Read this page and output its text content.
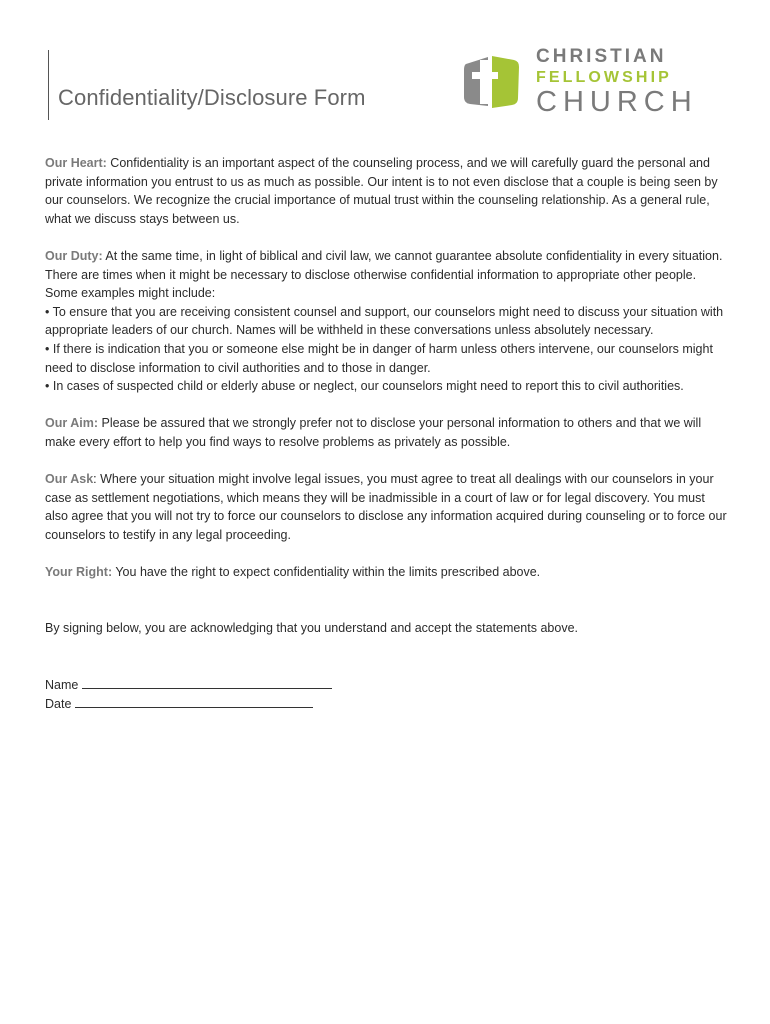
Confidentiality/Disclosure Form
CHRISTIAN
FELLOWSHIP
CHURCH

Our Heart: Confidentiality is an important aspect of the counseling process, and we will carefully guard the personal and private information you entrust to us as much as possible. Our intent is to not even disclose that a couple is being seen by our counselors. We recognize the crucial importance of mutual trust within the counseling relationship. As a general rule, what we discuss stays between us.

Our Duty: At the same time, in light of biblical and civil law, we cannot guarantee absolute confidentiality in every situation. There are times when it might be necessary to disclose otherwise confidential information to appropriate other people. Some examples might include:
• To ensure that you are receiving consistent counsel and support, our counselors might need to discuss your situation with appropriate leaders of our church. Names will be withheld in these conversations unless absolutely necessary.
• If there is indication that you or someone else might be in danger of harm unless others intervene, our counselors might need to disclose information to civil authorities and to those in danger.
• In cases of suspected child or elderly abuse or neglect, our counselors might need to report this to civil authorities.

Our Aim: Please be assured that we strongly prefer not to disclose your personal information to others and that we will make every effort to help you find ways to resolve problems as privately as possible.

Our Ask: Where your situation might involve legal issues, you must agree to treat all dealings with our counselors in your case as settlement negotiations, which means they will be inadmissible in a court of law or for legal discovery. You must also agree that you will not try to force our counselors to disclose any information acquired during counseling or to force our counselors to testify in any legal proceeding.

Your Right: You have the right to expect confidentiality within the limits prescribed above.

By signing below, you are acknowledging that you understand and accept the statements above.

Name
Date
